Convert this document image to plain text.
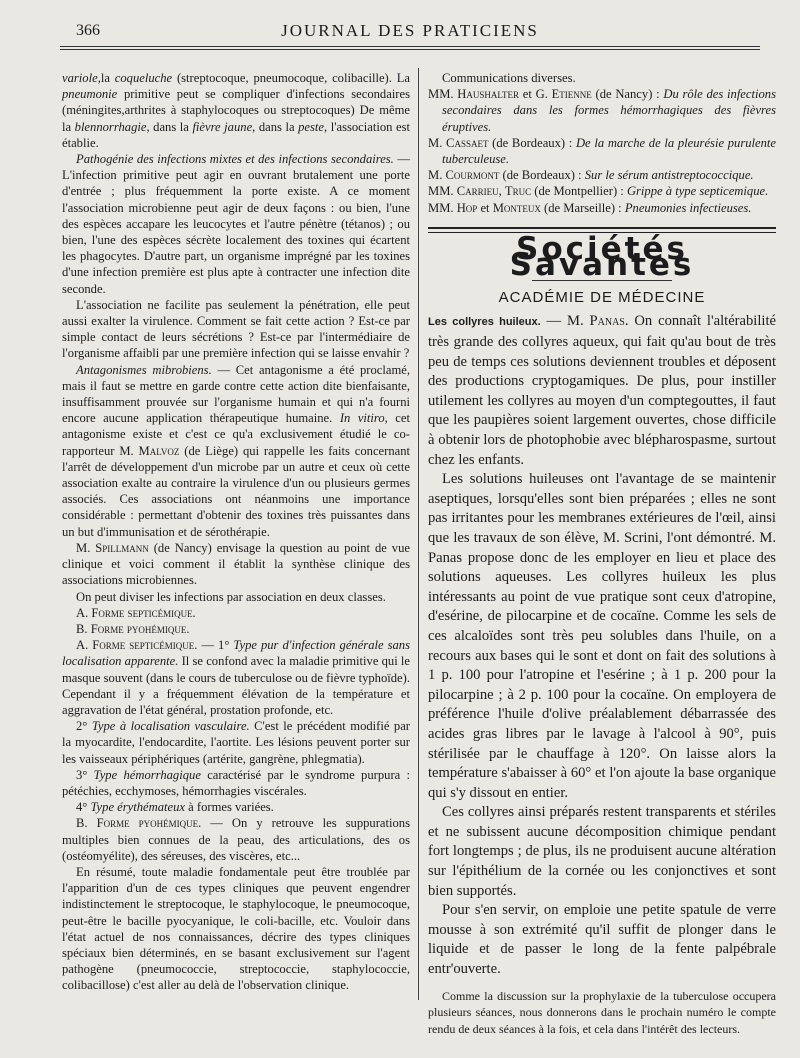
366	JOURNAL DES PRATICIENS

variole,la coqueluche (streptocoque, pneumocoque, colibacille). La pneumonie primitive peut se compliquer d'infections secondaires (méningites,arthrites à staphylocoques ou streptocoques) De même la blennorrhagie, dans la fièvre jaune, dans la peste, l'association est établie.

Pathogénie des infections mixtes et des infections secondaires. — L'infection primitive peut agir en ouvrant brutalement une porte d'entrée ; plus fréquemment la porte existe. A ce moment l'association microbienne peut agir de deux façons : ou bien, l'une des espèces accapare les leucocytes et l'autre pénètre (tétanos) ; ou bien, l'une des espèces sécrète localement des toxines qui écartent les phagocytes. D'autre part, un organisme imprégné par les toxines d'une infection première est plus apte à contracter une infection dite seconde.

L'association ne facilite pas seulement la pénétration, elle peut aussi exalter la virulence. Comment se fait cette action ? Est-ce par simple contact de leurs sécrétions ? Est-ce par l'intermédiaire de l'organisme affaibli par une première infection qui se laisse envahir ?

Antagonismes mibrobiens. — Cet antagonisme a été proclamé, mais il faut se mettre en garde contre cette action dite bienfaisante, insuffisamment prouvée sur l'organisme humain et qui n'a fourni encore aucune application thérapeutique humaine. In vitiro, cet antagonisme existe et c'est ce qu'a exclusivement étudié le co-rapporteur M. Malvoz (de Liège) qui rappelle les faits concernant l'arrêt de développement d'un microbe par un autre et ceux où cette association exalte au contraire la virulence d'un ou plusieurs germes associés. Ces associations ont néanmoins une importance considérable : permettant d'obtenir des toxines très puissantes dans un but d'immunisation et de sérothérapie.

M. Spillmann (de Nancy) envisage la question au point de vue clinique et voici comment il établit la synthèse clinique des associations microbiennes.

On peut diviser les infections par association en deux classes.

A. Forme septicémique.

B. Forme pyohémique.

A. Forme septicémique. — 1° Type pur d'infection générale sans localisation apparente. Il se confond avec la maladie primitive qui le masque souvent (dans le cours de tuberculose ou de fièvre typhoïde). Cependant il y a fréquemment élévation de la température et aggravation de l'état général, prostation profonde, etc.

2° Type à localisation vasculaire. C'est le précédent modifié par la myocardite, l'endocardite, l'aortite. Les lésions peuvent porter sur les vaisseaux périphériques (artérite, gangrène, phlegmatia).

3° Type hémorrhagique caractérisé par le syndrome purpura : pétéchies, ecchymoses, hémorrhagies viscérales.

4° Type érythémateux à formes variées.

B. Forme pyohémique. — On y retrouve les suppurations multiples bien connues de la peau, des articulations, des os (ostéomyélite), des séreuses, des viscères, etc...

En résumé, toute maladie fondamentale peut être troublée par l'apparition d'un de ces types cliniques que peuvent engendrer indistinctement le streptocoque, le staphylocoque, le pneumocoque, peut-être le bacille pyocyanique, le coli-bacille, etc. Vouloir dans l'état actuel de nos connaissances, décrire des types cliniques spéciaux bien déterminés, en se basant exclusivement sur l'agent pathogène (pneumococcie, streptococcie, staphylococcie, colibacillose) c'est aller au delà de l'observation clinique.

Communications diverses.

MM. Haushalter et G. Etienne (de Nancy) : Du rôle des infections secondaires dans les formes hémorrhagiques des fièvres éruptives.

M. Cassaet (de Bordeaux) : De la marche de la pleurésie purulente tuberculeuse.

M. Courmont (de Bordeaux) : Sur le sérum antistreptococcique.

MM. Carrieu, Truc (de Montpellier) : Grippe à type septicemique.

MM. Hop et Monteux (de Marseille) : Pneumonies infectieuses.

Sociétés Savantes
ACADÉMIE DE MÉDECINE

Les collyres huileux. — M. Panas. On connaît l'altérabilité très grande des collyres aqueux, qui fait qu'au bout de très peu de temps ces solutions deviennent troubles et déposent des productions cryptogamiques. De plus, pour instiller utilement les collyres au moyen d'un comptegouttes, il faut que les paupières soient largement ouvertes, chose difficile à obtenir lors de photophobie avec blépharospasme, surtout chez les enfants.

Les solutions huileuses ont l'avantage de se maintenir aseptiques, lorsqu'elles sont bien préparées ; elles ne sont pas irritantes pour les membranes extérieures de l'œil, ainsi que les travaux de son élève, M. Scrini, l'ont démontré. M. Panas propose donc de les employer en lieu et place des solutions aqueuses. Les collyres huileux les plus intéressants au point de vue pratique sont ceux d'atropine, d'esérine, de pilocarpine et de cocaïne. Comme les sels de ces alcaloïdes sont très peu solubles dans l'huile, on a recours aux bases qui le sont et dont on fait des solutions à 1 p. 100 pour l'atropine et l'esérine ; à 1 p. 200 pour la pilocarpine ; à 2 p. 100 pour la cocaïne. On employera de préférence l'huile d'olive préalablement débarrassée des acides gras libres par le lavage à l'alcool à 90°, puis stérilisée par le chauffage à 120°. On laisse alors la température s'abaisser à 60° et l'on ajoute la base organique qui s'y dissout en entier.

Ces collyres ainsi préparés restent transparents et stériles et ne subissent aucune décomposition chimique pendant fort longtemps ; de plus, ils ne produisent aucune altération sur l'épithélium de la cornée ou les conjonctives et sont bien supportés.

Pour s'en servir, on emploie une petite spatule de verre mousse à son extrémité qu'il suffit de plonger dans le liquide et de passer le long de la fente palpébrale entr'ouverte.

Comme la discussion sur la prophylaxie de la tuberculose occupera plusieurs séances, nous donnerons dans le prochain numéro le compte rendu de deux séances à la fois, et cela dans l'intérêt des lecteurs.
